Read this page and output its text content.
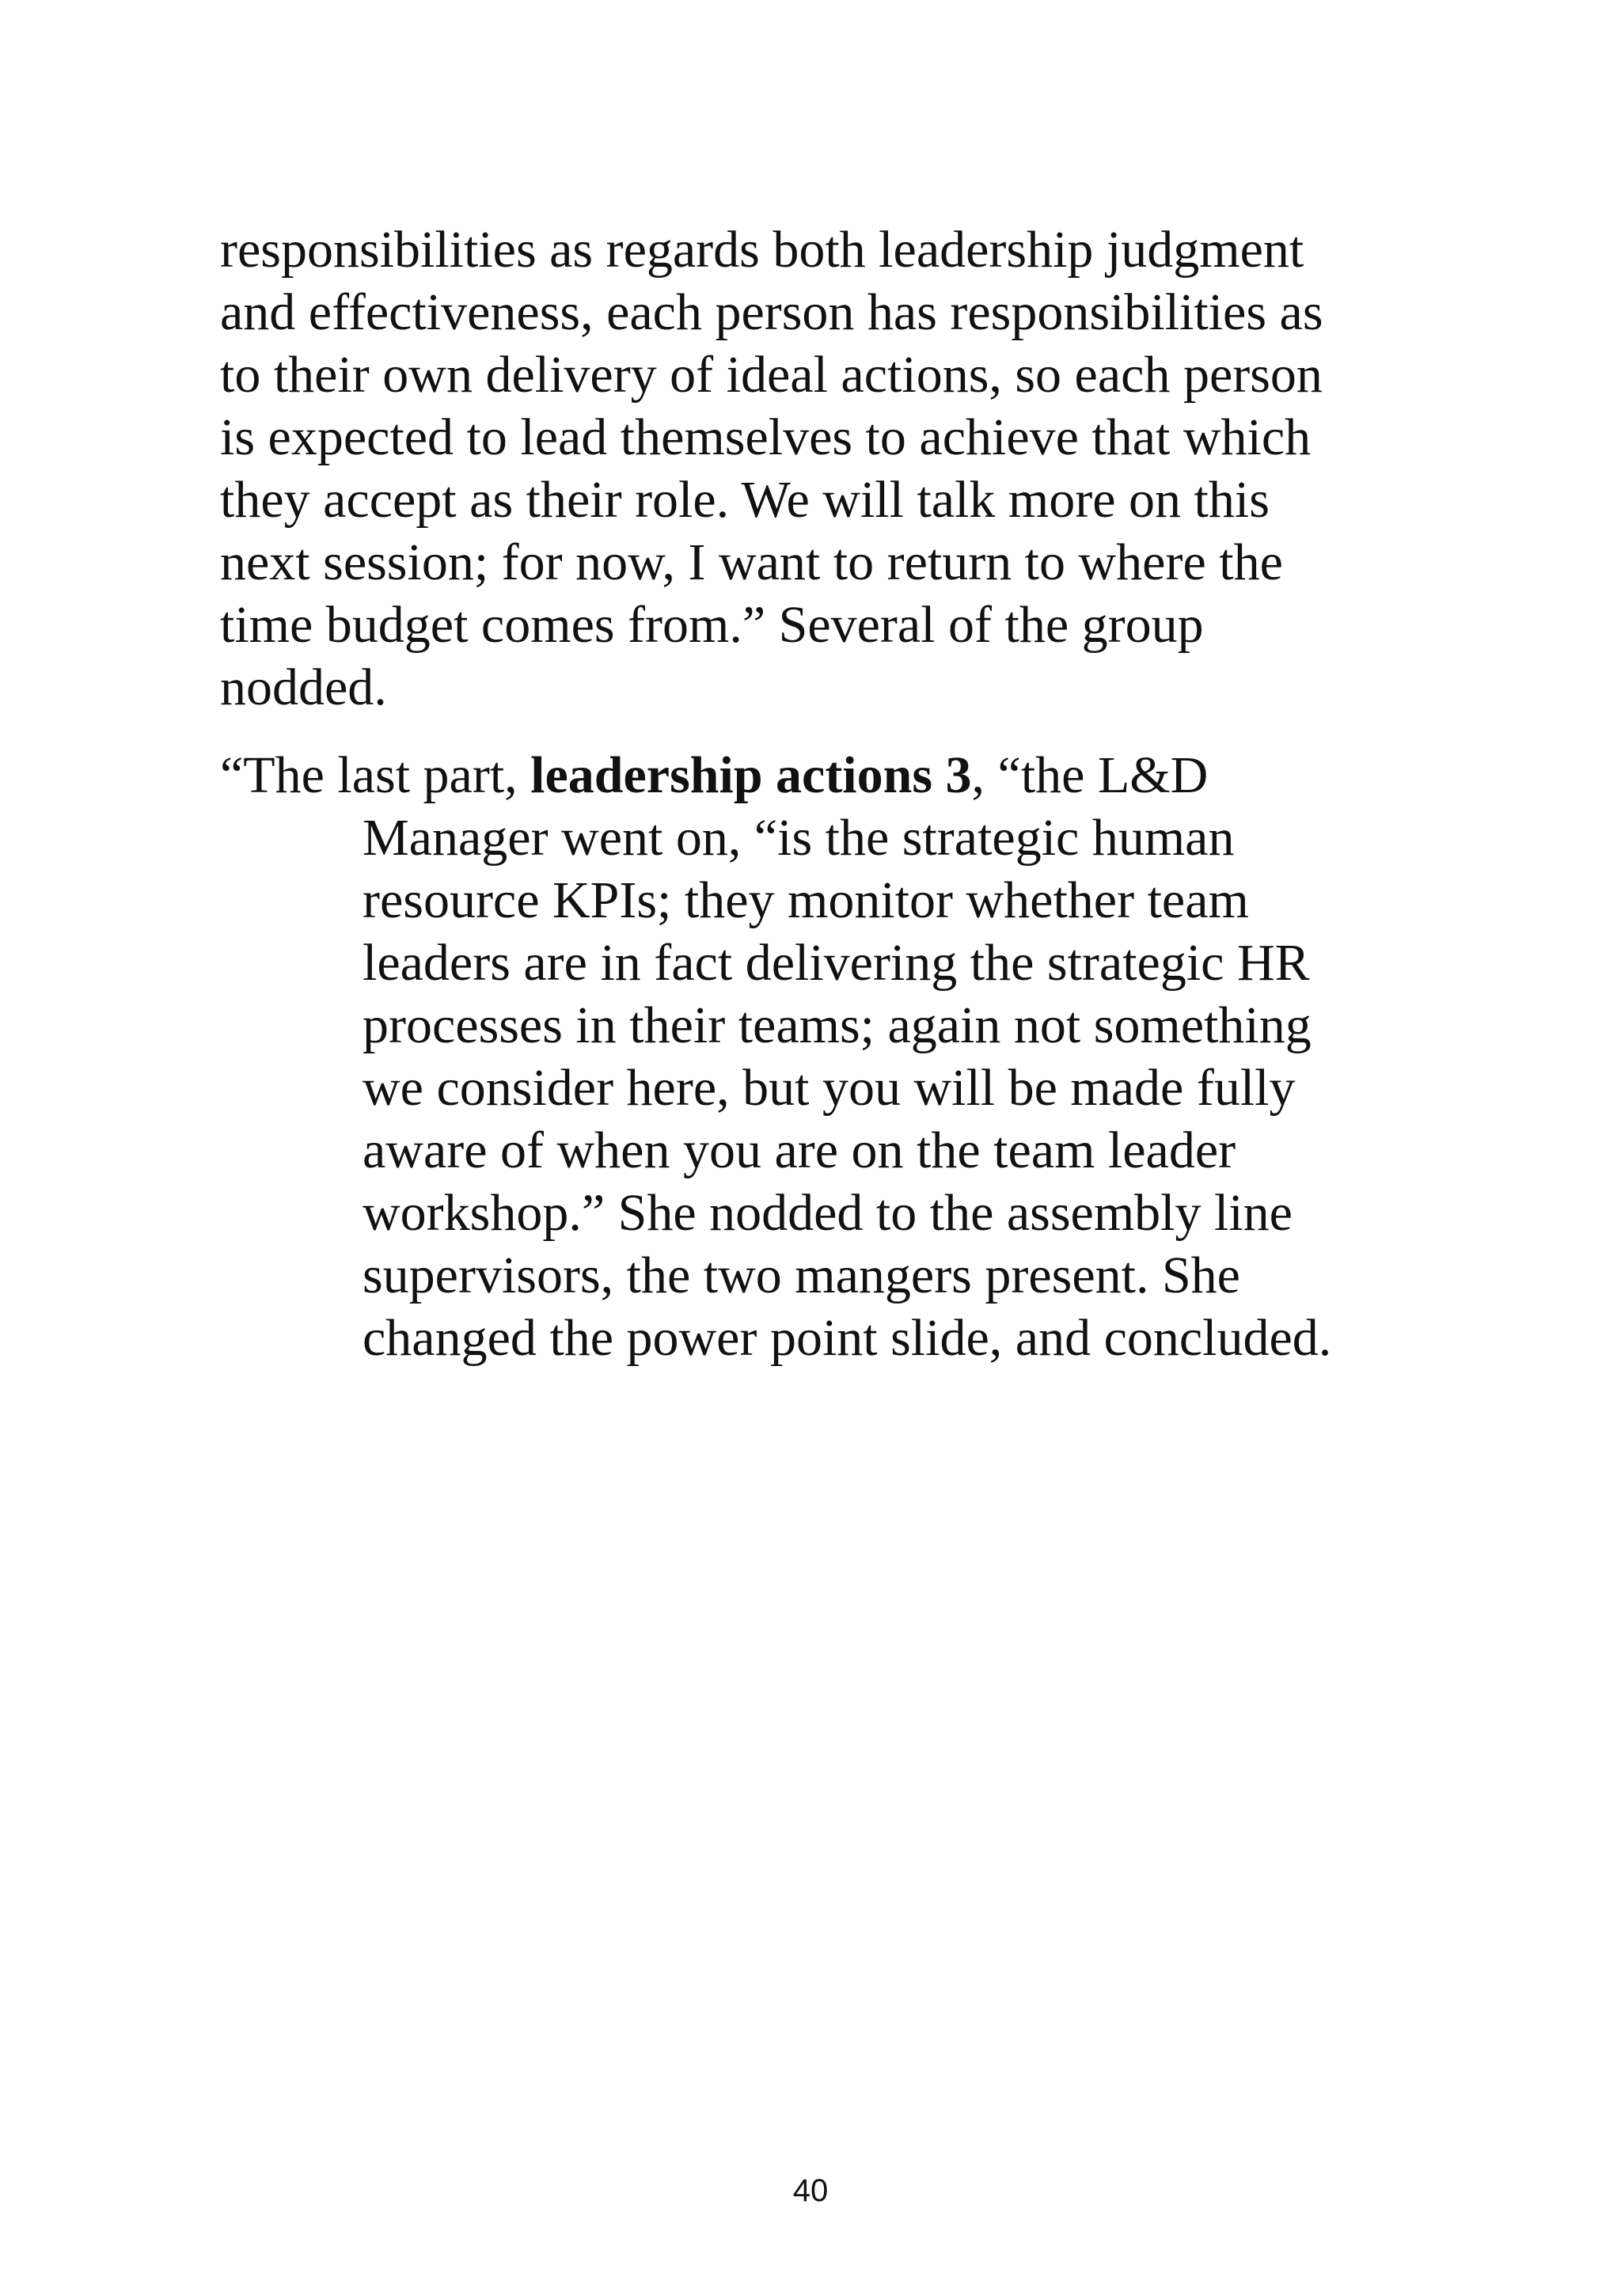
responsibilities as regards both leadership judgment
and effectiveness, each person has responsibilities as
to their own delivery of ideal actions, so each person
is expected to lead themselves to achieve that which
they accept as their role. We will talk more on this
next session; for now, I want to return to where the
time budget comes from.” Several of the group
nodded.

“The last part, leadership actions 3, “the L&D
Manager went on, “is the strategic human
resource KPIs; they monitor whether team
leaders are in fact delivering the strategic HR
processes in their teams; again not something
we consider here, but you will be made fully
aware of when you are on the team leader
workshop.” She nodded to the assembly line
supervisors, the two mangers present. She
changed the power point slide, and concluded.

40
